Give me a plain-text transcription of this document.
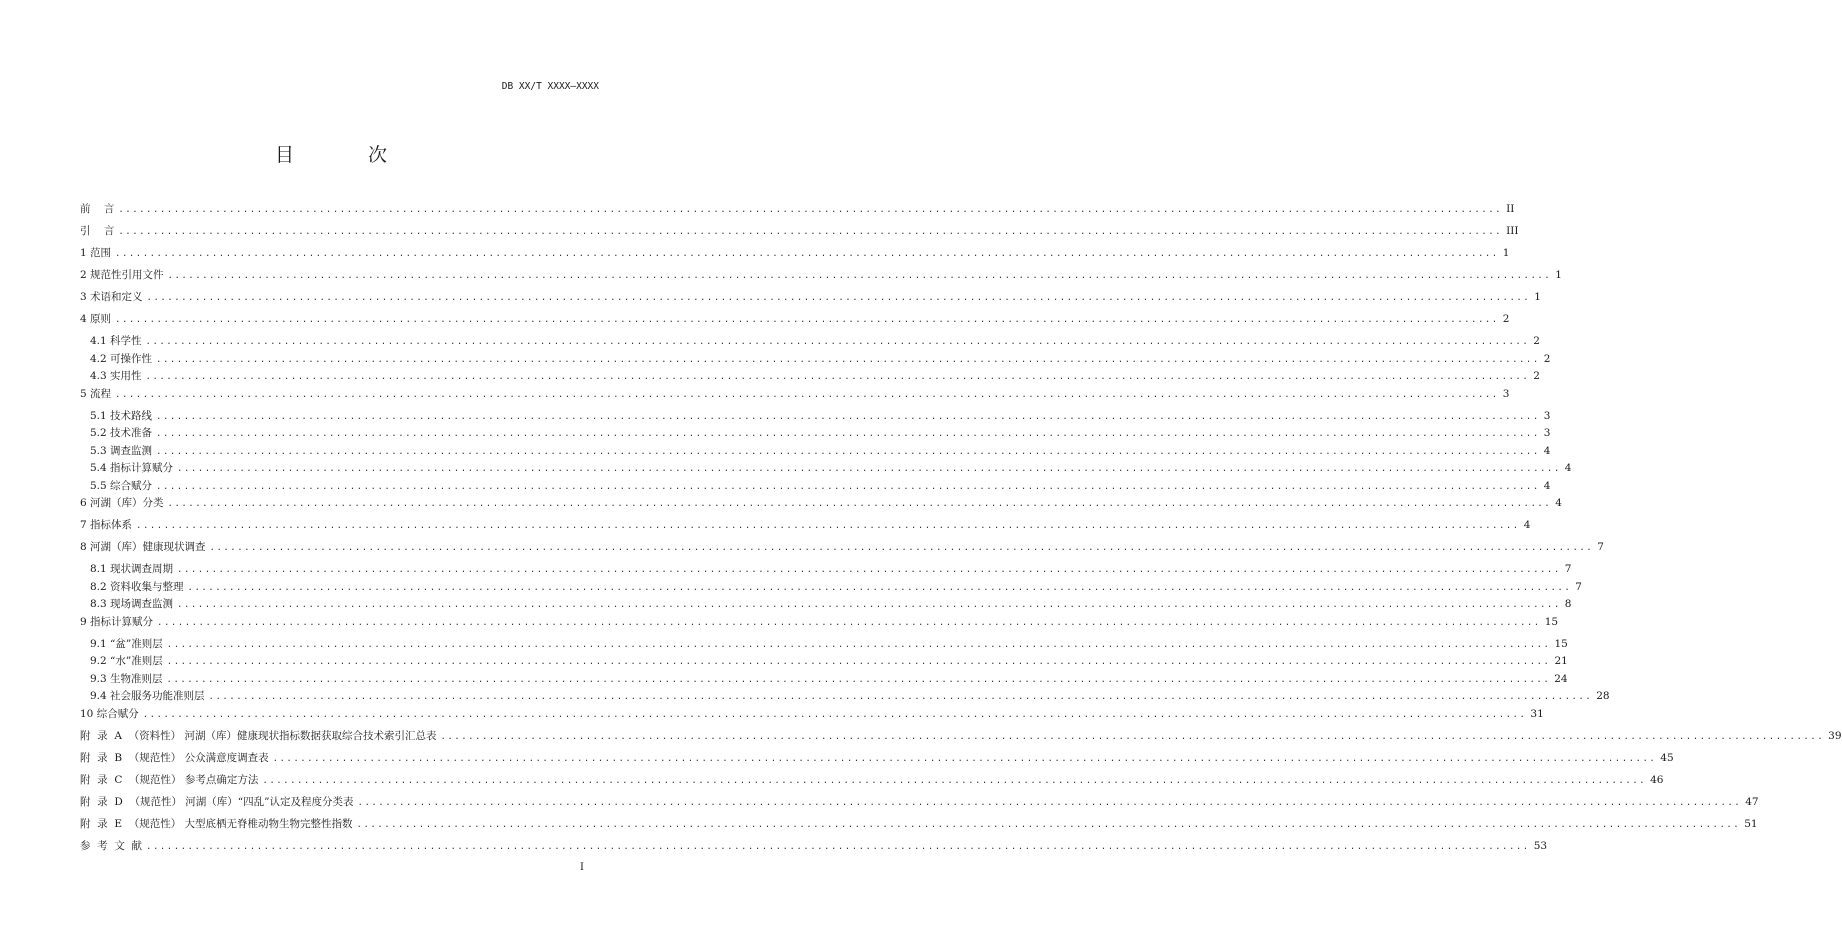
DB XX/T XXXX—XXXX
目 次
前    言 ........................................................................................................................................................................................................ II
引    言 ........................................................................................................................................................................................................ III
1 范围 ........................................................................................................................................................................................................ 1
2 规范性引用文件 ........................................................................................................................................................................................................ 1
3 术语和定义 ........................................................................................................................................................................................................ 1
4 原则 ........................................................................................................................................................................................................ 2
4.1 科学性 ........................................................................................................................................................................................................ 2
4.2 可操作性 ........................................................................................................................................................................................................ 2
4.3 实用性 ........................................................................................................................................................................................................ 2
5 流程 ........................................................................................................................................................................................................ 3
5.1 技术路线 ........................................................................................................................................................................................................ 3
5.2 技术准备 ........................................................................................................................................................................................................ 3
5.3 调查监测 ........................................................................................................................................................................................................ 4
5.4 指标计算赋分 ........................................................................................................................................................................................................ 4
5.5 综合赋分 ........................................................................................................................................................................................................ 4
6 河湖（库）分类 ........................................................................................................................................................................................................ 4
7 指标体系 ........................................................................................................................................................................................................ 4
8 河湖（库）健康现状调查 ........................................................................................................................................................................................................ 7
8.1 现状调查周期 ........................................................................................................................................................................................................ 7
8.2 资料收集与整理 ........................................................................................................................................................................................................ 7
8.3 现场调查监测 ........................................................................................................................................................................................................ 8
9 指标计算赋分 ........................................................................................................................................................................................................ 15
9.1 “盆”准则层 ........................................................................................................................................................................................................ 15
9.2 “水”准则层 ........................................................................................................................................................................................................ 21
9.3 生物准则层 ........................................................................................................................................................................................................ 24
9.4 社会服务功能准则层 ........................................................................................................................................................................................................ 28
10 综合赋分 ........................................................................................................................................................................................................ 31
附  录  A  （资料性） 河湖（库）健康现状指标数据获取综合技术索引汇总表 ........................................................................................................................................................................................................ 39
附  录  B  （规范性） 公众满意度调查表 ........................................................................................................................................................................................................ 45
附  录  C  （规范性） 参考点确定方法 ........................................................................................................................................................................................................ 46
附  录  D  （规范性） 河湖（库）“四乱”认定及程度分类表 ........................................................................................................................................................................................................ 47
附  录  E  （规范性） 大型底栖无脊椎动物生物完整性指数 ........................................................................................................................................................................................................ 51
参  考  文  献 ........................................................................................................................................................................................................ 53
I
